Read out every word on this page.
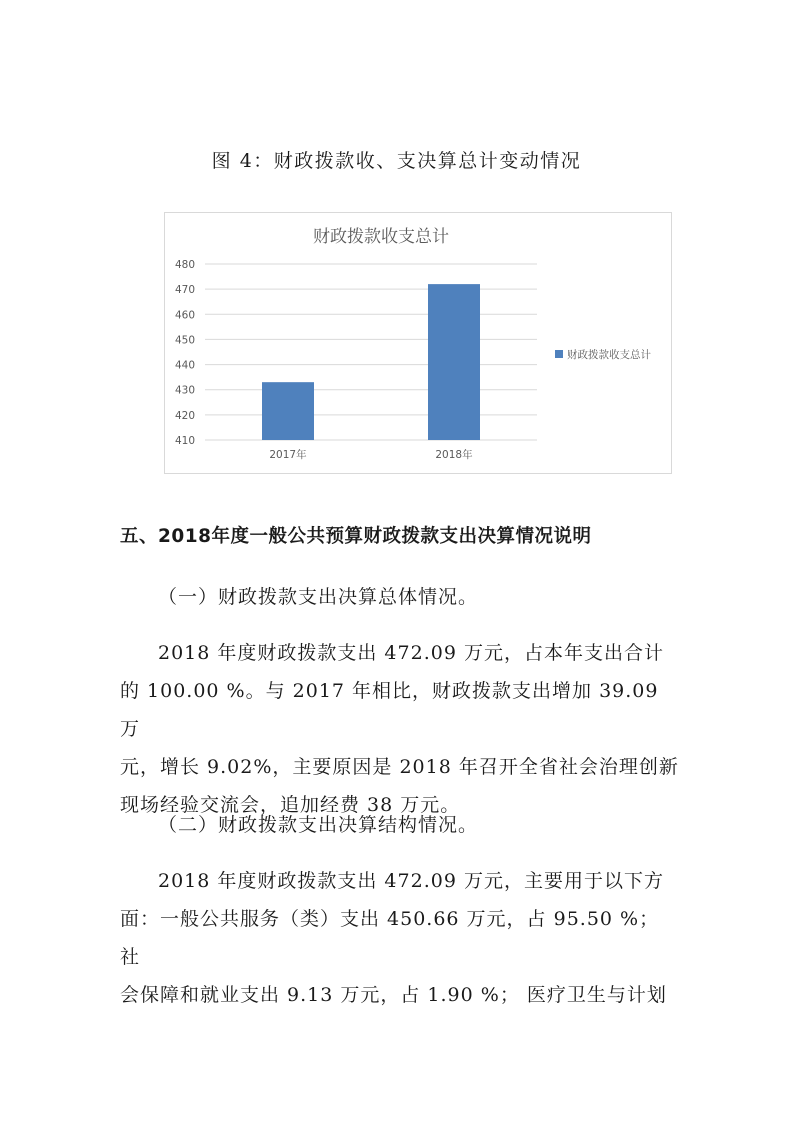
图 4：财政拨款收、支决算总计变动情况
财政拨款收支总计
410
420
430
440
450
460
470
480
2017年	2018年
财政拨款收支总计
五、2018年度一般公共预算财政拨款支出决算情况说明
（一）财政拨款支出决算总体情况。
2018 年度财政拨款支出 472.09 万元，占本年支出合计
的 100.00 %。与 2017 年相比，财政拨款支出增加 39.09 万
元，增长 9.02%，主要原因是 2018 年召开全省社会治理创新
现场经验交流会，追加经费 38 万元。
（二）财政拨款支出决算结构情况。
2018 年度财政拨款支出 472.09 万元，主要用于以下方
面：一般公共服务（类）支出 450.66 万元，占 95.50 %； 社
会保障和就业支出 9.13 万元，占 1.90 %； 医疗卫生与计划
